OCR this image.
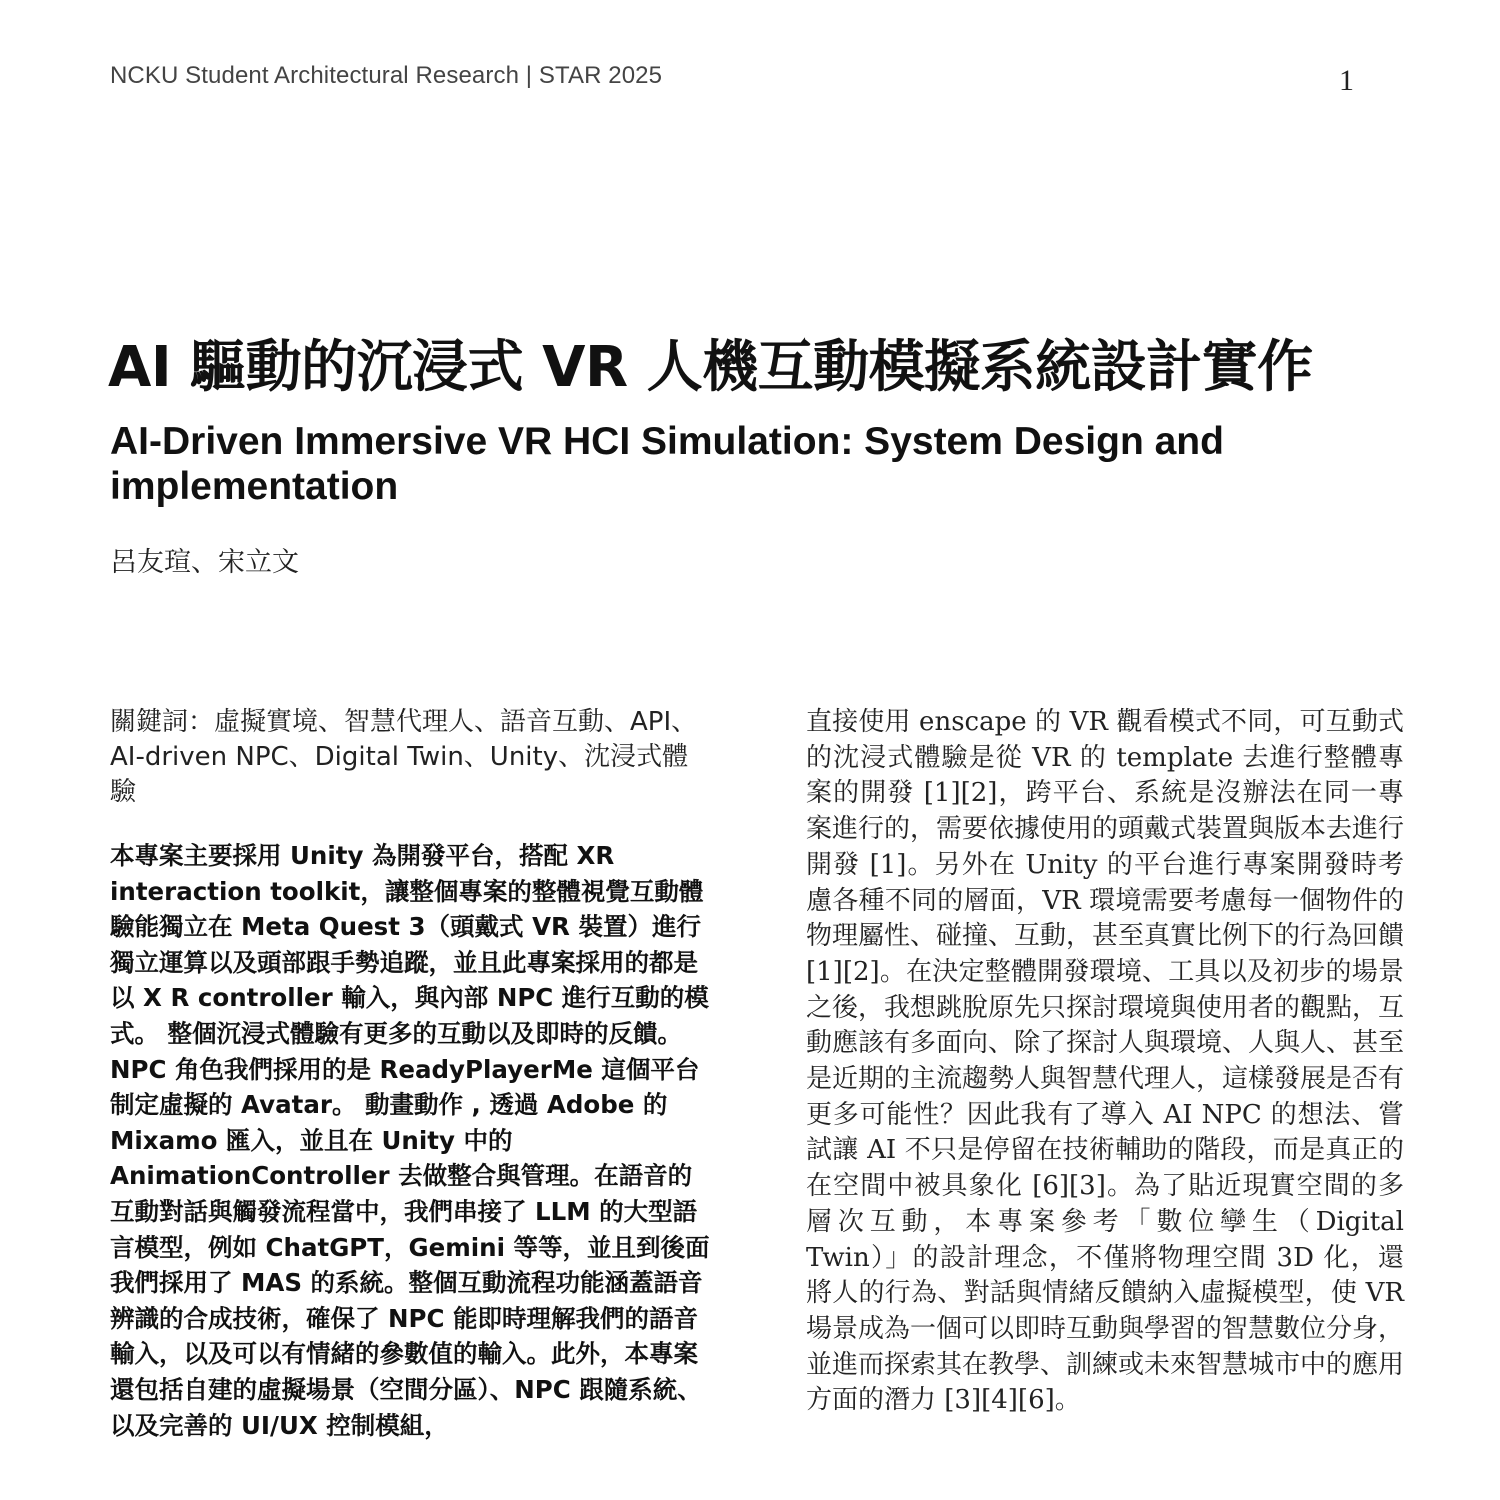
NCKU Student Architectural Research | STAR 2025	1
AI 驅動的沉浸式 VR 人機互動模擬系統設計實作
AI-Driven Immersive VR HCI Simulation: System Design and implementation
呂友瑄、宋立文

關鍵詞：虛擬實境、智慧代理人、語音互動、API、AI-driven NPC、Digital Twin、Unity、沈浸式體驗

本專案主要採用 Unity 為開發平台，搭配 XR interaction toolkit，讓整個專案的整體視覺互動體驗能獨立在 Meta Quest 3（頭戴式 VR 裝置）進行獨立運算以及頭部跟手勢追蹤，並且此專案採用的都是以 X R controller 輸入，與內部 NPC 進行互動的模式。 整個沉浸式體驗有更多的互動以及即時的反饋。NPC 角色我們採用的是 ReadyPlayerMe 這個平台制定虛擬的 Avatar。 動畫動作 , 透過 Adobe 的 Mixamo 匯入，並且在 Unity 中的 AnimationController 去做整合與管理。在語音的互動對話與觸發流程當中，我們串接了 LLM 的大型語言模型，例如 ChatGPT，Gemini 等等，並且到後面我們採用了 MAS 的系統。整個互動流程功能涵蓋語音辨識的合成技術，確保了 NPC 能即時理解我們的語音輸入，以及可以有情緒的參數值的輸入。此外，本專案還包括自建的虛擬場景（空間分區）、NPC 跟隨系統、以及完善的 UI/UX 控制模組，

直接使用 enscape 的 VR 觀看模式不同，可互動式的沈浸式體驗是從 VR 的 template 去進行整體專案的開發 [1][2]，跨平台、系統是沒辦法在同一專案進行的，需要依據使用的頭戴式裝置與版本去進行開發 [1]。另外在 Unity 的平台進行專案開發時考慮各種不同的層面，VR 環境需要考慮每一個物件的物理屬性、碰撞、互動，甚至真實比例下的行為回饋 [1][2]。在決定整體開發環境、工具以及初步的場景之後，我想跳脫原先只探討環境與使用者的觀點，互動應該有多面向、除了探討人與環境、人與人、甚至是近期的主流趨勢人與智慧代理人，這樣發展是否有更多可能性？因此我有了導入 AI NPC 的想法、嘗試讓 AI 不只是停留在技術輔助的階段，而是真正的在空間中被具象化 [6][3]。為了貼近現實空間的多層次互動，本專案參考「數位孿生（Digital Twin）」的設計理念，不僅將物理空間 3D 化，還將人的行為、對話與情緒反饋納入虛擬模型，使 VR 場景成為一個可以即時互動與學習的智慧數位分身，並進而探索其在教學、訓練或未來智慧城市中的應用方面的潛力 [3][4][6]。
